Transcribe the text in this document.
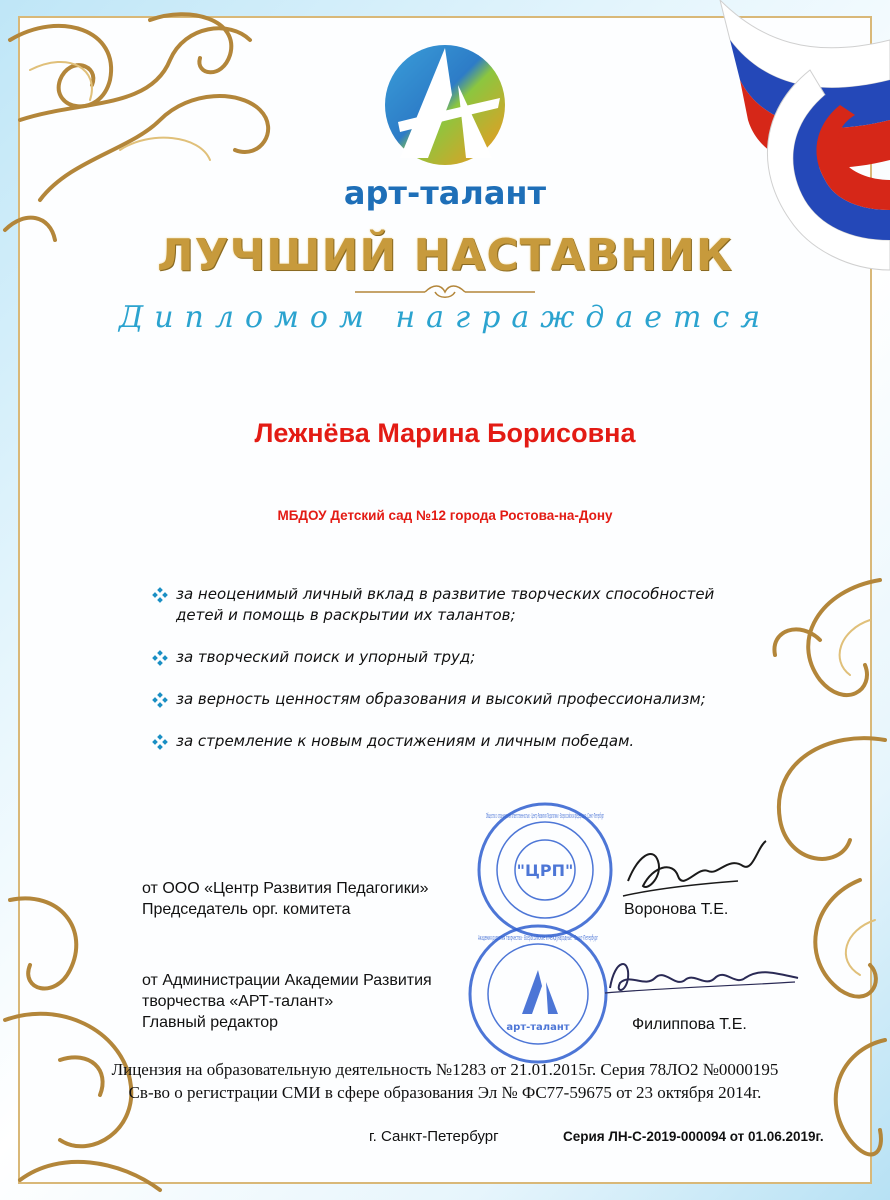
арт-талант
ЛУЧШИЙ НАСТАВНИК
Дипломом награждается
Лежнёва Марина Борисовна
МБДОУ Детский сад №12 города Ростова-на-Дону
за неоценимый личный вклад в развитие творческих способностей детей и помощь в раскрытии их талантов;
за творческий поиск и упорный труд;
за верность ценностям образования и высокий профессионализм;
за стремление к новым достижениям и личным победам.
"ЦРП"
Общество с ограниченной ответственностью · Центр Развития Педагогики · Всероссийская федерация · Санкт-Петербург
арт-талант
Академия развития творчества · Всероссийские и Международные · Санкт-Петербург
от ООО «Центр Развития Педагогики»
Председатель орг. комитета	Воронова Т.Е.
от Администрации Академии Развития
творчества «АРТ-талант»
Главный редактор	Филиппова Т.Е.
Лицензия на образовательную деятельность №1283 от 21.01.2015г. Серия 78ЛО2 №0000195
Св-во о регистрации СМИ в сфере образования Эл № ФС77-59675 от 23 октября 2014г.
г. Санкт-Петербург	Серия ЛН-С-2019-000094 от 01.06.2019г.
